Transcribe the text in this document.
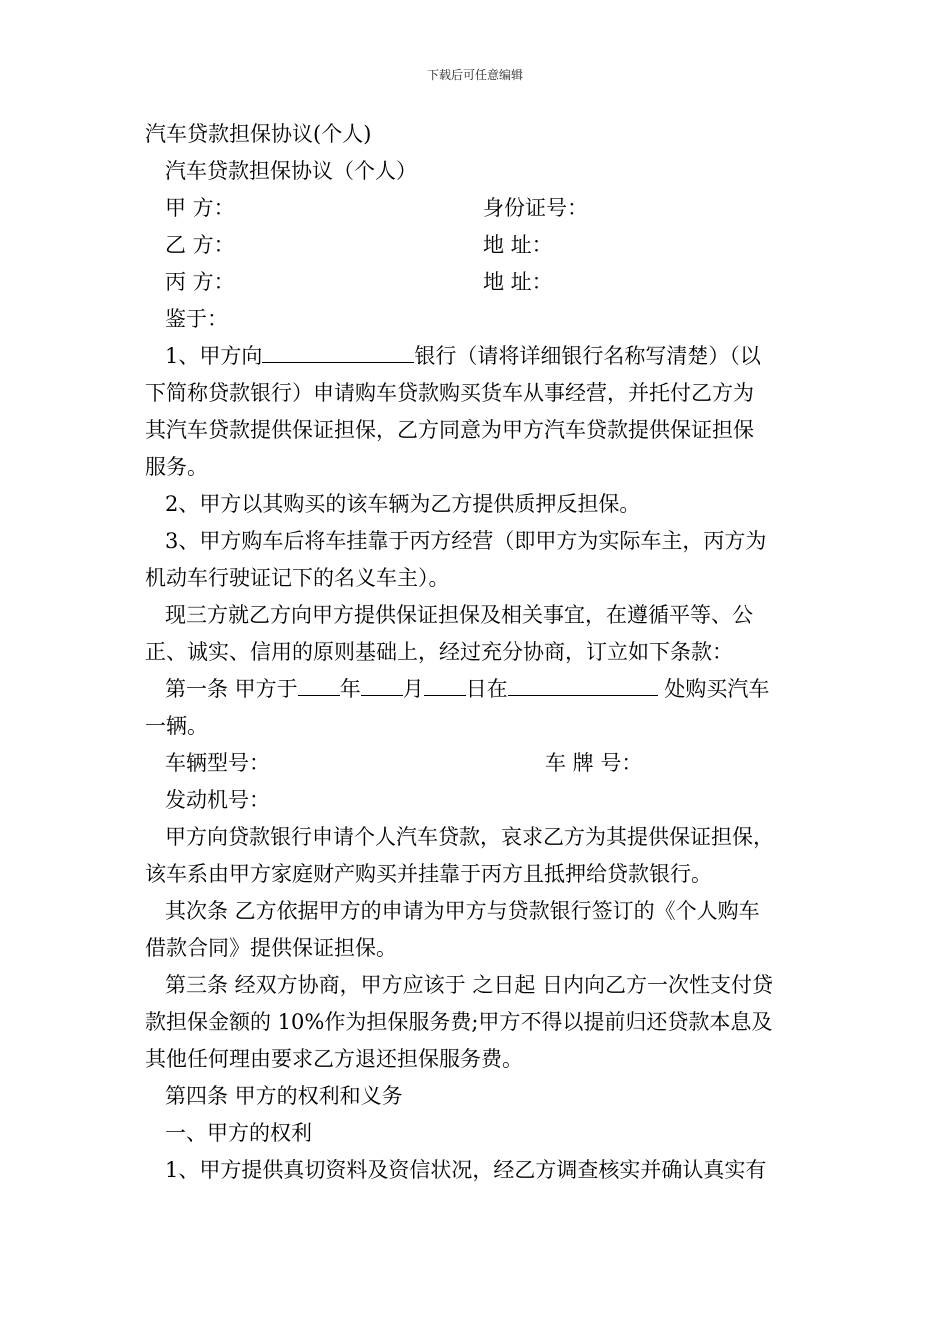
下载后可任意编辑

汽车贷款担保协议(个人)

汽车贷款担保协议（个人）

甲 方：	身份证号：
乙 方：	地 址：
丙 方：	地 址：

鉴于：

1、甲方向	银行（请将详细银行名称写清楚）（以

下简称贷款银行）申请购车贷款购买货车从事经营，并托付乙方为

其汽车贷款提供保证担保，乙方同意为甲方汽车贷款提供保证担保

服务。

2、甲方以其购买的该车辆为乙方提供质押反担保。

3、甲方购车后将车挂靠于丙方经营（即甲方为实际车主，丙方为

机动车行驶证记下的名义车主）。

现三方就乙方向甲方提供保证担保及相关事宜，在遵循平等、公

正、诚实、信用的原则基础上，经过充分协商，订立如下条款：

第一条 甲方于 年 月 日在	处购买汽车

一辆。

车辆型号：	车 牌 号：

发动机号：

甲方向贷款银行申请个人汽车贷款，哀求乙方为其提供保证担保，

该车系由甲方家庭财产购买并挂靠于丙方且抵押给贷款银行。

其次条 乙方依据甲方的申请为甲方与贷款银行签订的《个人购车

借款合同》提供保证担保。

第三条 经双方协商，甲方应该于 之日起 日内向乙方一次性支付贷

款担保金额的 10%作为担保服务费;甲方不得以提前归还贷款本息及

其他任何理由要求乙方退还担保服务费。

第四条 甲方的权利和义务

一、甲方的权利

1、甲方提供真切资料及资信状况，经乙方调查核实并确认真实有
